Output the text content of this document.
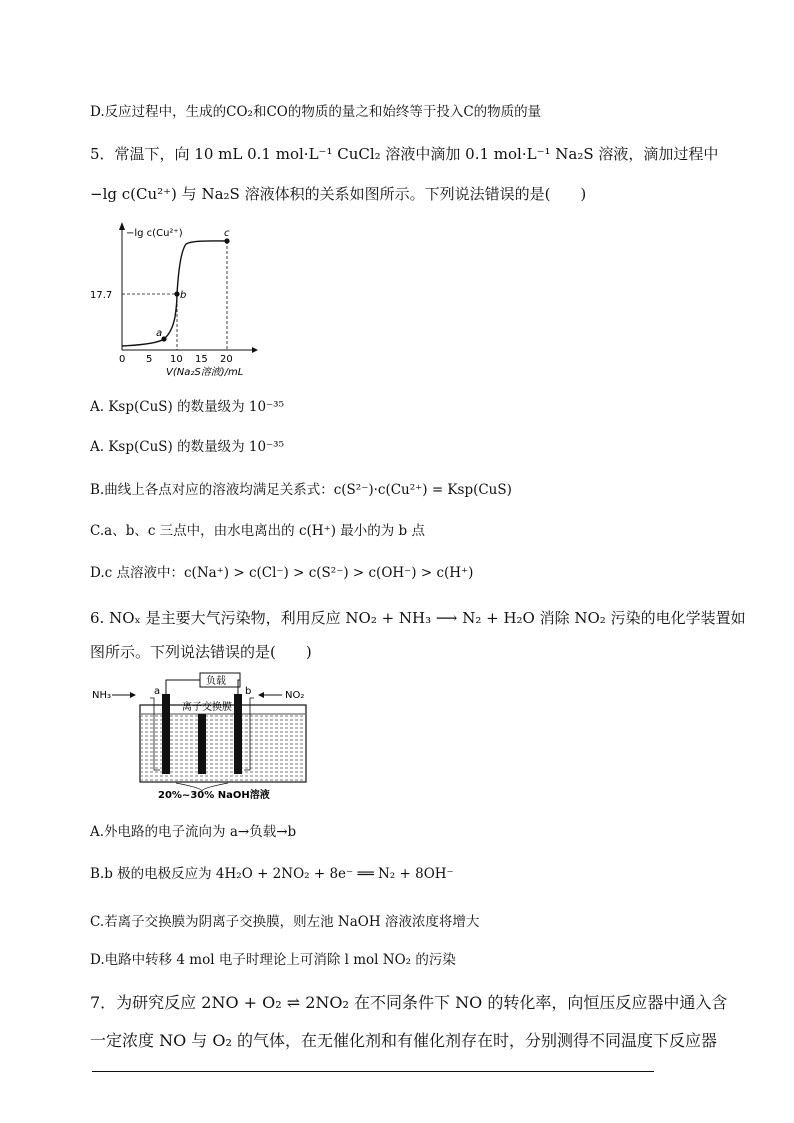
D.反应过程中，生成的CO₂和CO的物质的量之和始终等于投入C的物质的量
5．常温下，向 10 mL 0.1 mol·L⁻¹ CuCl₂ 溶液中滴加 0.1 mol·L⁻¹ Na₂S 溶液，滴加过程中
−lg c(Cu²⁺) 与 Na₂S 溶液体积的关系如图所示。下列说法错误的是(　　)
−lg c(Cu²⁺)
a
b
c
17.7
0 5 10 15 20
V(Na₂S溶液)/mL
A. Ksp(CuS) 的数量级为 10⁻³⁵
A. Ksp(CuS) 的数量级为 10⁻³⁵
B.曲线上各点对应的溶液均满足关系式：c(S²⁻)·c(Cu²⁺) = Ksp(CuS)
C.a、b、c 三点中，由水电离出的 c(H⁺) 最小的为 b 点
D.c 点溶液中：c(Na⁺) > c(Cl⁻) > c(S²⁻) > c(OH⁻) > c(H⁺)
6. NOₓ 是主要大气污染物，利用反应 NO₂ + NH₃ ⟶ N₂ + H₂O 消除 NO₂ 污染的电化学装置如
图所示。下列说法错误的是(　　)
负载
离子交换膜
NH₃	a	NO₂
b
20%~30% NaOH溶液
A.外电路的电子流向为 a→负载→b
B.b 极的电极反应为 4H₂O + 2NO₂ + 8e⁻ ══ N₂ + 8OH⁻
C.若离子交换膜为阴离子交换膜，则左池 NaOH 溶液浓度将增大
D.电路中转移 4 mol 电子时理论上可消除 l mol NO₂ 的污染
7．为研究反应 2NO + O₂ ⇌ 2NO₂ 在不同条件下 NO 的转化率，向恒压反应器中通入含
一定浓度 NO 与 O₂ 的气体，在无催化剂和有催化剂存在时，分别测得不同温度下反应器
